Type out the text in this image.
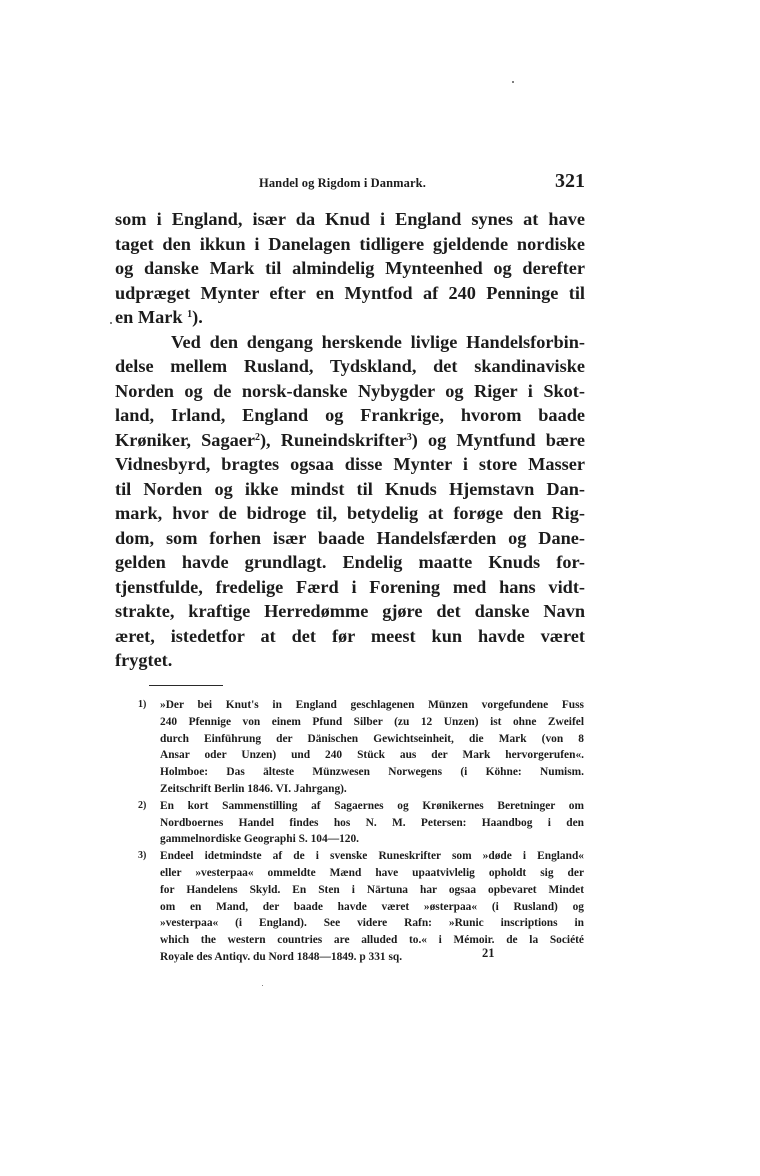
Handel og Rigdom i Danmark.	321
som i England, især da Knud i England synes at have
taget den ikkun i Danelagen tidligere gjeldende nordiske
og danske Mark til almindelig Mynteenhed og derefter
udpræget Mynter efter en Myntfod af 240 Penninge til
en Mark $^1$).
Ved den dengang herskende livlige Handelsforbin-
delse mellem Rusland, Tydskland, det skandinaviske
Norden og de norsk-danske Nybygder og Riger i Skot-
land, Irland, England og Frankrige, hvorom baade
Krøniker, Sagaer$^2$), Runeindskrifter$^3$) og Myntfund bære
Vidnesbyrd, bragtes ogsaa disse Mynter i store Masser
til Norden og ikke mindst til Knuds Hjemstavn Dan-
mark, hvor de bidroge til, betydelig at forøge den Rig-
dom, som forhen især baade Handelsfærden og Dane-
gelden havde grundlagt. Endelig maatte Knuds for-
tjenstfulde, fredelige Færd i Forening med hans vidt-
strakte, kraftige Herredømme gjøre det danske Navn
æret, istedetfor at det før meest kun havde været
frygtet.
1) »Der bei Knut's in England geschlagenen Münzen vorgefundene Fuss
240 Pfennige von einem Pfund Silber (zu 12 Unzen) ist ohne Zweifel
durch Einführung der Dänischen Gewichtseinheit, die Mark (von 8
Ansar oder Unzen) und 240 Stück aus der Mark hervorgerufen«.
Holmboe: Das älteste Münzwesen Norwegens (i Köhne: Numism.
Zeitschrift Berlin 1846. VI. Jahrgang).
2) En kort Sammenstilling af Sagaernes og Krønikernes Beretninger om
Nordboernes Handel findes hos N. M. Petersen: Haandbog i den
gammelnordiske Geographi S. 104—120.
3) Endeel idetmindste af de i svenske Runeskrifter som »døde i England«
eller »vesterpaa« ommeldte Mænd have upaatvivlelig opholdt sig der
for Handelens Skyld. En Sten i Närtuna har ogsaa opbevaret Mindet
om en Mand, der baade havde været »østerpaa« (i Rusland) og
»vesterpaa« (i England). See videre Rafn: »Runic inscriptions in
which the western countries are alluded to.« i Mémoir. de la Société
Royale des Antiqv. du Nord 1848—1849. p 331 sq.	21
